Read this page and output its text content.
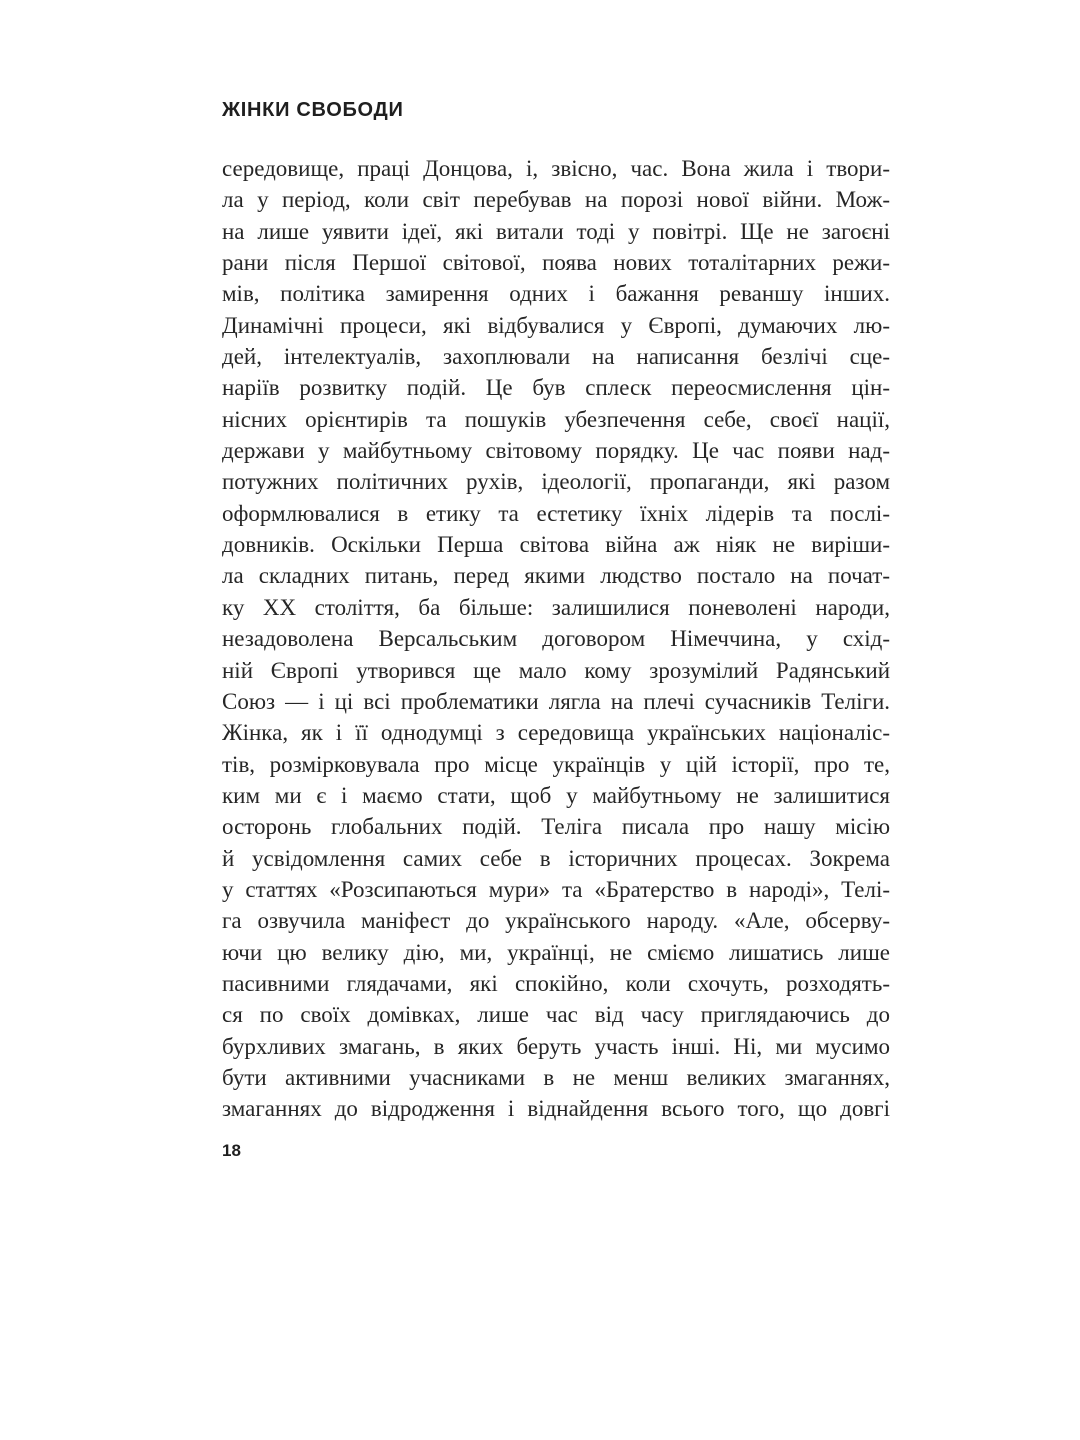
ЖІНКИ СВОБОДИ
середовище, праці Донцова, і, звісно, час. Вона жила і твори-
ла у період, коли світ перебував на порозі нової війни. Мож-
на лише уявити ідеї, які витали тоді у повітрі. Ще не загоєні
рани після Першої світової, поява нових тоталітарних режи-
мів, політика замирення одних і бажання реваншу інших.
Динамічні процеси, які відбувалися у Європі, думаючих лю-
дей, інтелектуалів, захоплювали на написання безлічі сце-
наріїв розвитку подій. Це був сплеск переосмислення цін-
нісних орієнтирів та пошуків убезпечення себе, своєї нації,
держави у майбутньому світовому порядку. Це час появи над-
потужних політичних рухів, ідеології, пропаганди, які разом
оформлювалися в етику та естетику їхніх лідерів та послі-
довників. Оскільки Перша світова війна аж ніяк не виріши-
ла складних питань, перед якими людство постало на почат-
ку ХХ століття, ба більше: залишилися поневолені народи,
незадоволена Версальським договором Німеччина, у схід-
ній Європі утворився ще мало кому зрозумілий Радянський
Союз — і ці всі проблематики лягла на плечі сучасників Теліги.
Жінка, як і її однодумці з середовища українських націоналіс-
тів, розмірковувала про місце українців у цій історії, про те,
ким ми є і маємо стати, щоб у майбутньому не залишитися
осторонь глобальних подій. Теліга писала про нашу місію
й усвідомлення самих себе в історичних процесах. Зокрема
у статтях «Розсипаються мури» та «Братерство в народі», Телі-
га озвучила маніфест до українського народу. «Але, обсерву-
ючи цю велику дію, ми, українці, не сміємо лишатись лише
пасивними глядачами, які спокійно, коли схочуть, розходять-
ся по своїх домівках, лише час від часу приглядаючись до
бурхливих змагань, в яких беруть участь інші. Ні, ми мусимо
бути активними учасниками в не менш великих змаганнях,
змаганнях до відродження і віднайдення всього того, що довгі
18
